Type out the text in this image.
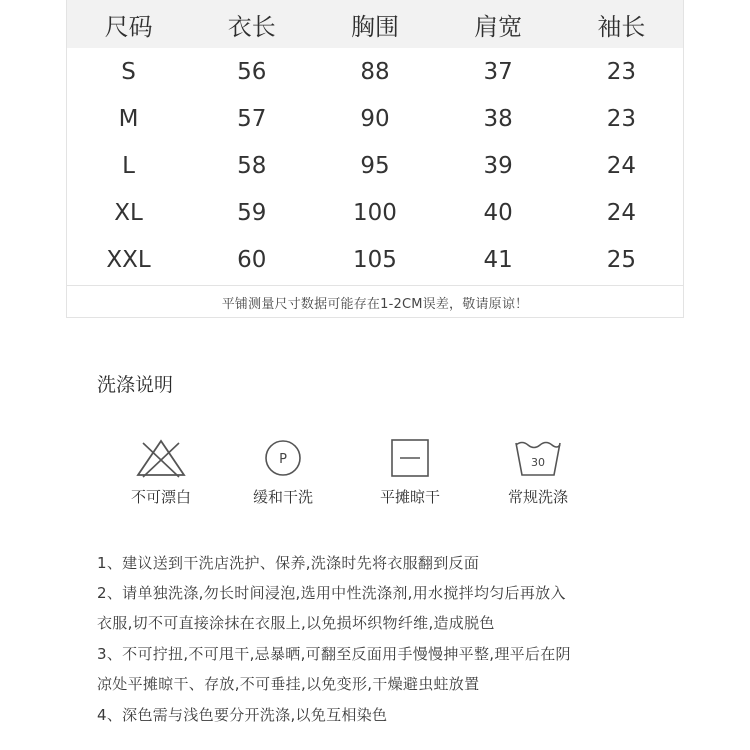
尺码	衣长	胸围	肩宽	袖长
S	56	88	37	23
M	57	90	38	23
L	58	95	39	24
XL	59	100	40	24
XXL	60	105	41	25
平铺测量尺寸数据可能存在1-2CM误差，敬请原谅！
洗涤说明
不可漂白
P
缓和干洗	平摊晾干
30
常规洗涤
1、建议送到干洗店洗护、保养,洗涤时先将衣服翻到反面
2、请单独洗涤,勿长时间浸泡,选用中性洗涤剂,用水搅拌均匀后再放入
衣服,切不可直接涂抹在衣服上,以免损坏织物纤维,造成脱色
3、不可拧扭,不可甩干,忌暴晒,可翻至反面用手慢慢抻平整,理平后在阴
凉处平摊晾干、存放,不可垂挂,以免变形,干燥避虫蛀放置
4、深色需与浅色要分开洗涤,以免互相染色
